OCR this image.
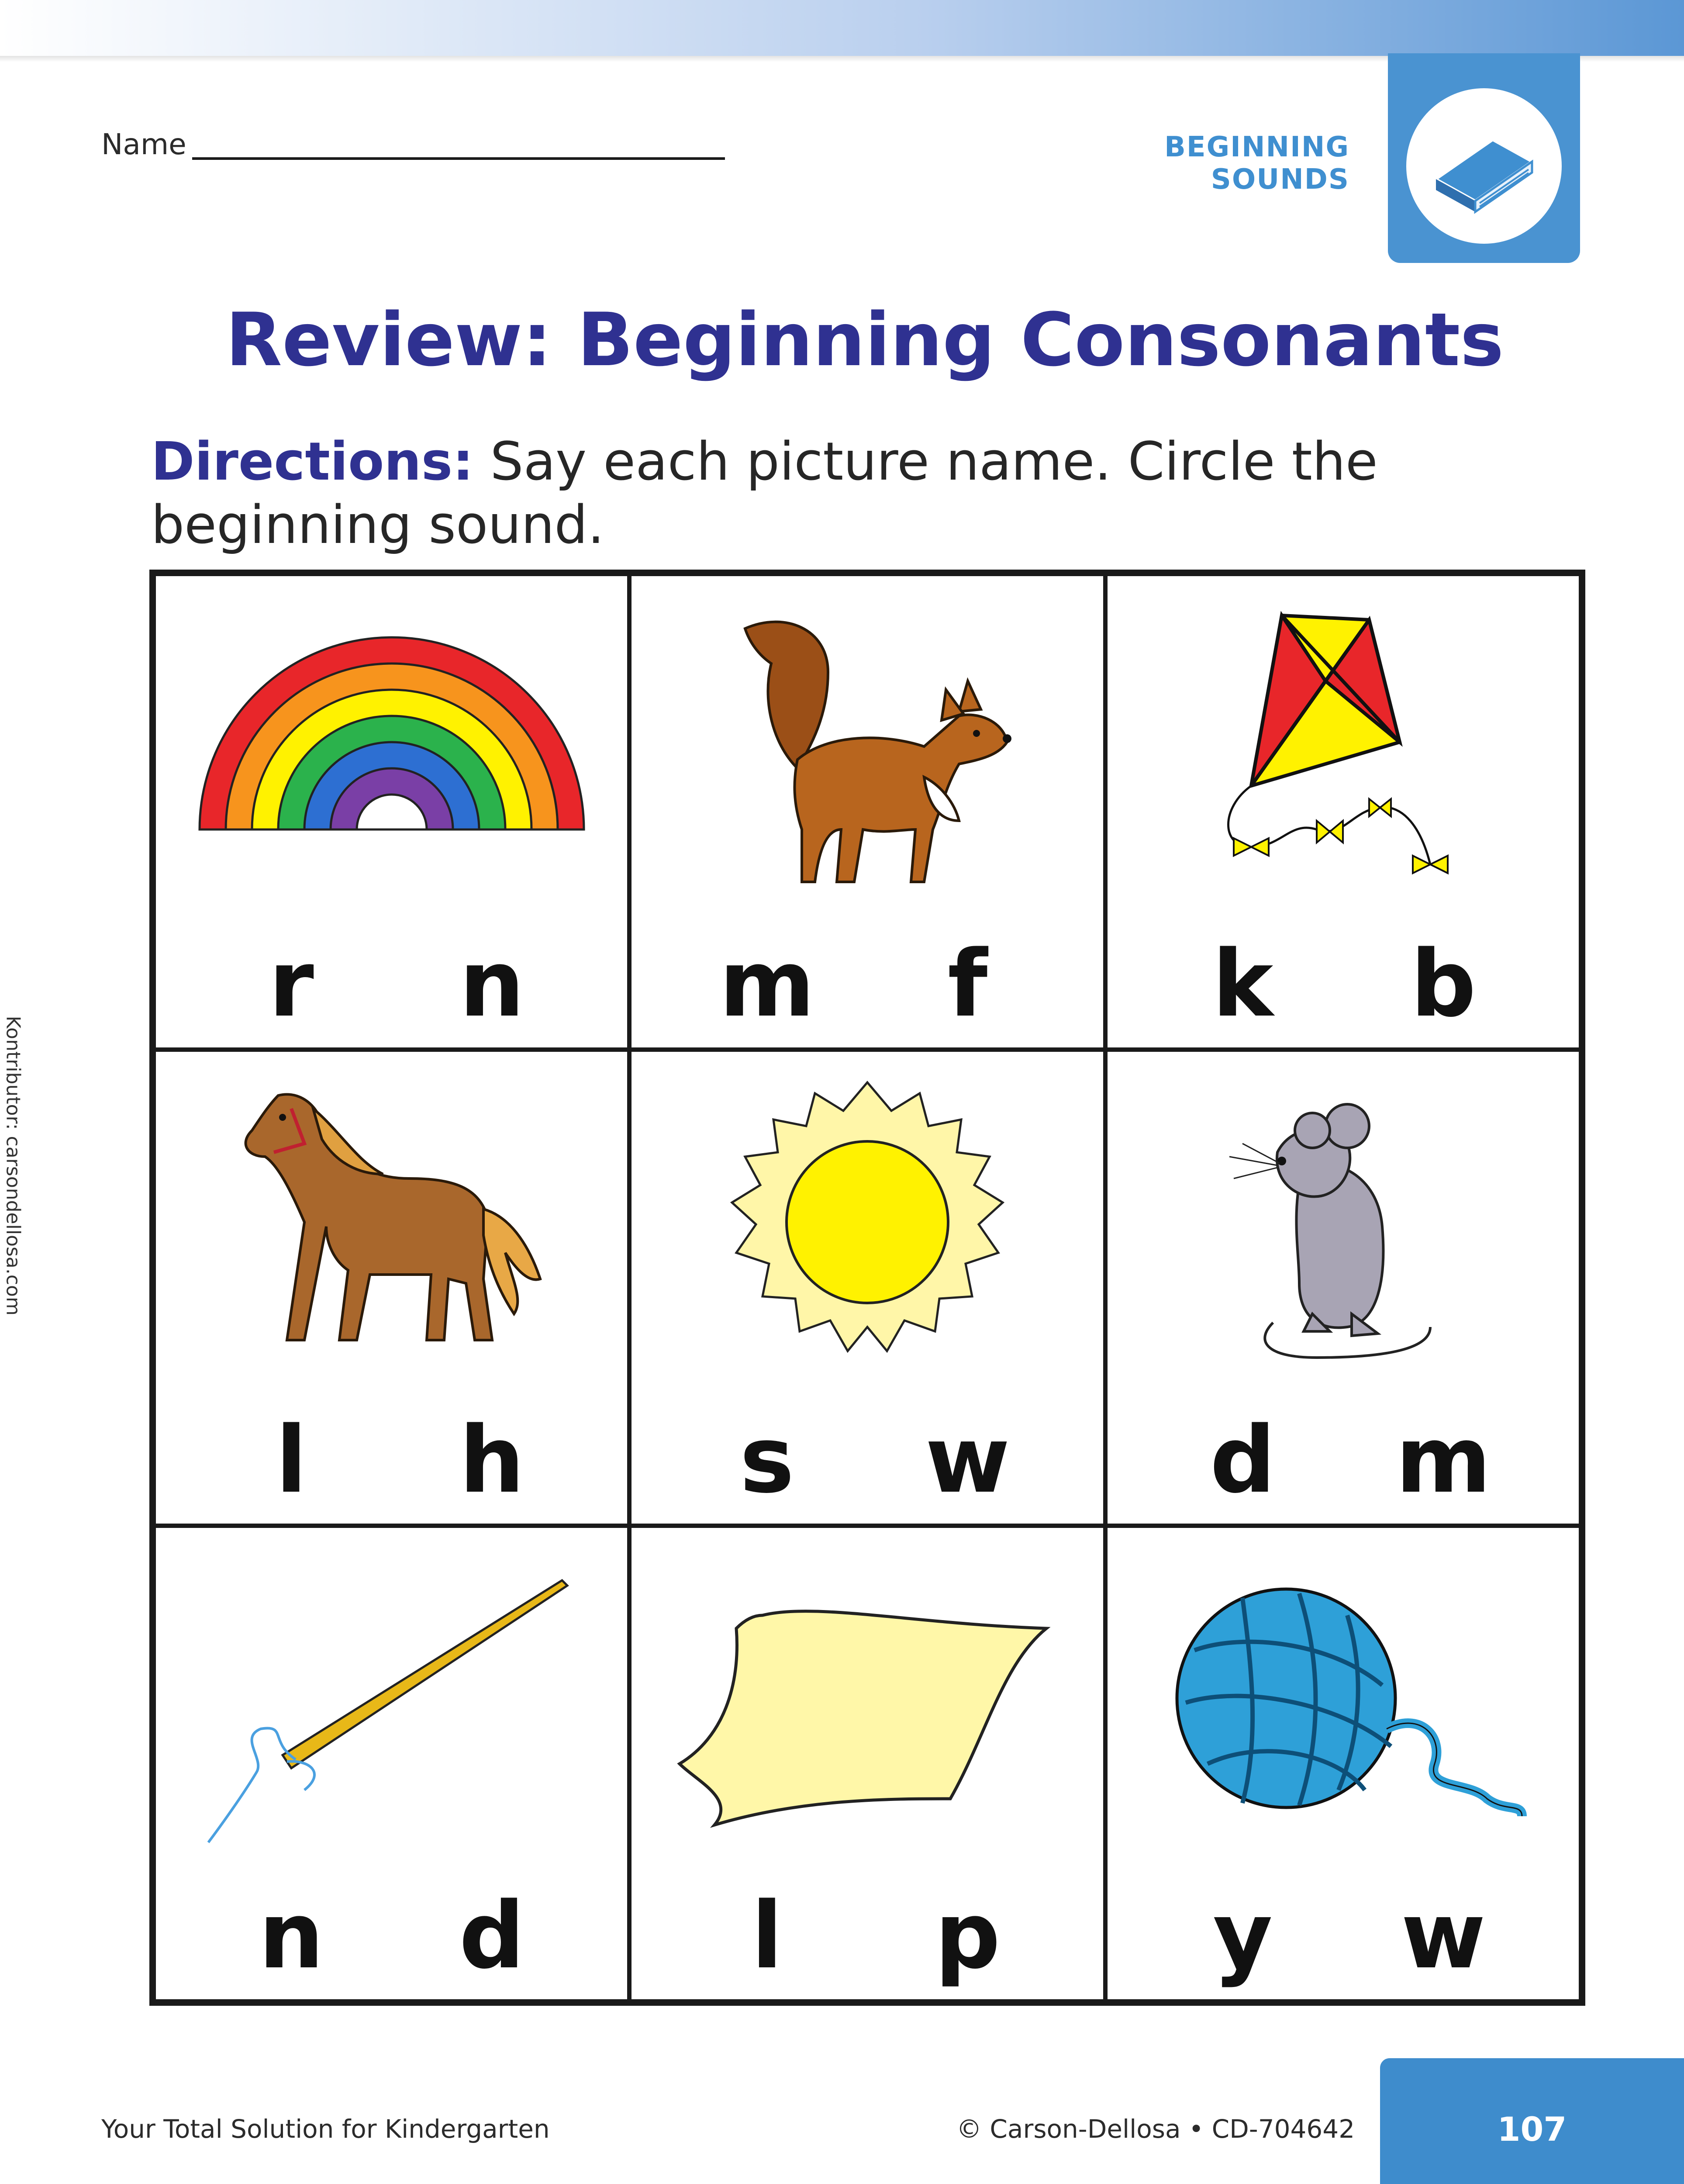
Name	BEGINNING SOUNDS
Review: Beginning Consonants
Directions: Say each picture name. Circle the beginning sound.
r	n m	f	k b
l	h	s	w d m
n d	l	p y w
Kontributor: carsondellosa.com
Your Total Solution for Kindergarten	© Carson-Dellosa • CD-704642	107
